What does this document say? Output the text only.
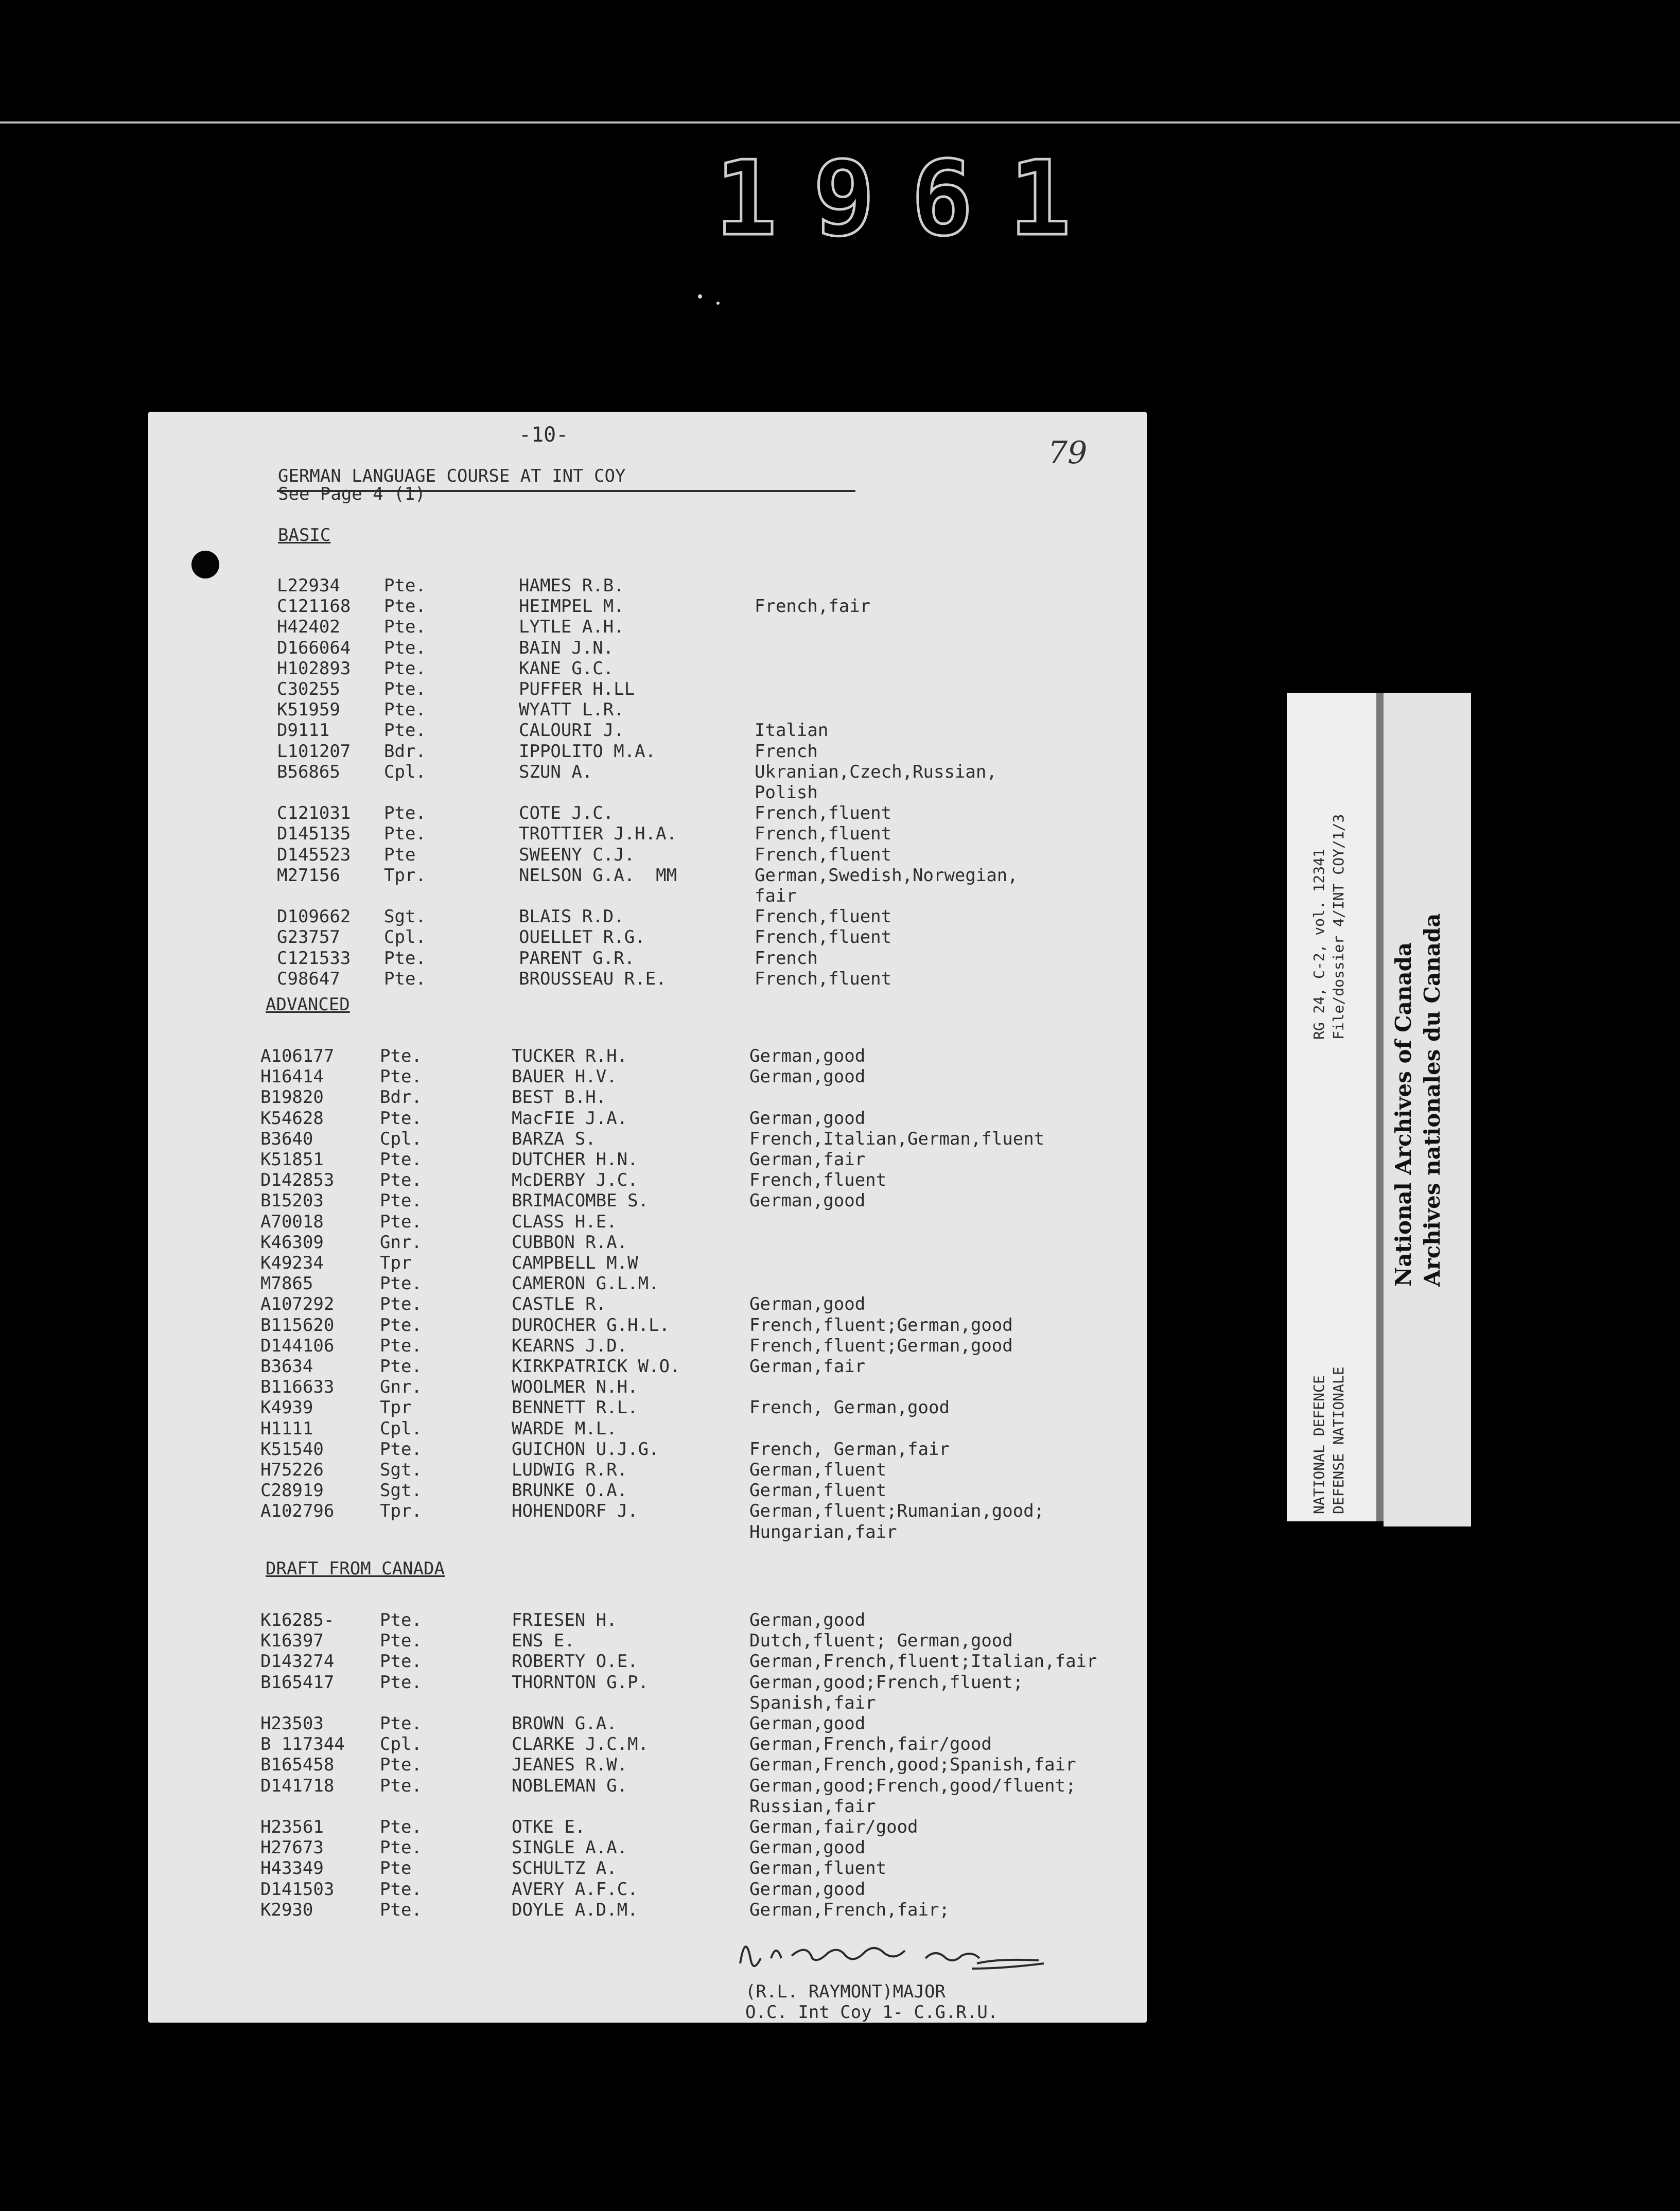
1961
-10-	79
GERMAN LANGUAGE COURSE AT INT COY
See Page 4 (1)
BASIC
L22934	Pte.	HAMES R.B.
C121168 Pte.	HEIMPEL M.	French,fair
H42402	Pte.	LYTLE A.H.
D166064 Pte.	BAIN J.N.
H102893 Pte.	KANE G.C.
C30255	Pte.	PUFFER H.LL
K51959	Pte.	WYATT L.R.
D9111	Pte.	CALOURI J.	Italian
L101207 Bdr.	IPPOLITO M.A.	French
B56865	Cpl.	SZUN A.	Ukranian,Czech,Russian,
Polish
C121031 Pte.	COTE J.C.	French,fluent
D145135 Pte.	TROTTIER J.H.A.	French,fluent
D145523 Pte	SWEENY C.J.	French,fluent
M27156	Tpr.	NELSON G.A.  MM	German,Swedish,Norwegian,
fair
D109662 Sgt.	BLAIS R.D.	French,fluent
G23757	Cpl.	OUELLET R.G.	French,fluent
C121533 Pte.	PARENT G.R.	French
C98647	Pte.	BROUSSEAU R.E.	French,fluent
ADVANCED
A106177	Pte.	TUCKER R.H.	German,good
H16414	Pte.	BAUER H.V.	German,good
B19820	Bdr.	BEST B.H.
K54628	Pte.	MacFIE J.A.	German,good
B3640	Cpl.	BARZA S.	French,Italian,German,fluent
K51851	Pte.	DUTCHER H.N.	German,fair
D142853	Pte.	McDERBY J.C.	French,fluent
B15203	Pte.	BRIMACOMBE S.	German,good
A70018	Pte.	CLASS H.E.
K46309	Gnr.	CUBBON R.A.
K49234	Tpr	CAMPBELL M.W
M7865	Pte.	CAMERON G.L.M.
A107292	Pte.	CASTLE R.	German,good
B115620	Pte.	DUROCHER G.H.L.	French,fluent;German,good
D144106	Pte.	KEARNS J.D.	French,fluent;German,good
B3634	Pte.	KIRKPATRICK W.O.	German,fair
B116633	Gnr.	WOOLMER N.H.
K4939	Tpr	BENNETT R.L.	French, German,good
H1111	Cpl.	WARDE M.L.
K51540	Pte.	GUICHON U.J.G.	French, German,fair
H75226	Sgt.	LUDWIG R.R.	German,fluent
C28919	Sgt.	BRUNKE O.A.	German,fluent
A102796	Tpr.	HOHENDORF J.	German,fluent;Rumanian,good;
Hungarian,fair
DRAFT FROM CANADA
K16285-	Pte.	FRIESEN H.	German,good
K16397	Pte.	ENS E.	Dutch,fluent; German,good
D143274	Pte.	ROBERTY O.E.	German,French,fluent;Italian,fair
B165417	Pte.	THORNTON G.P.	German,good;French,fluent;
Spanish,fair
H23503	Pte.	BROWN G.A.	German,good
B 117344 Cpl.	CLARKE J.C.M.	German,French,fair/good
B165458	Pte.	JEANES R.W.	German,French,good;Spanish,fair
D141718	Pte.	NOBLEMAN G.	German,good;French,good/fluent;
Russian,fair
H23561	Pte.	OTKE E.	German,fair/good
H27673	Pte.	SINGLE A.A.	German,good
H43349	Pte	SCHULTZ A.	German,fluent
D141503	Pte.	AVERY A.F.C.	German,good
K2930	Pte.	DOYLE A.D.M.	German,French,fair;
(R.L. RAYMONT)MAJOR
O.C. Int Coy 1- C.G.R.U.
RG 24, C-2, vol. 12341 File/dossier 4/INT COY/1/3
NATIONAL DEFENCE DEFENSE NATIONALE
National Archives of Canada Archives nationales du Canada
